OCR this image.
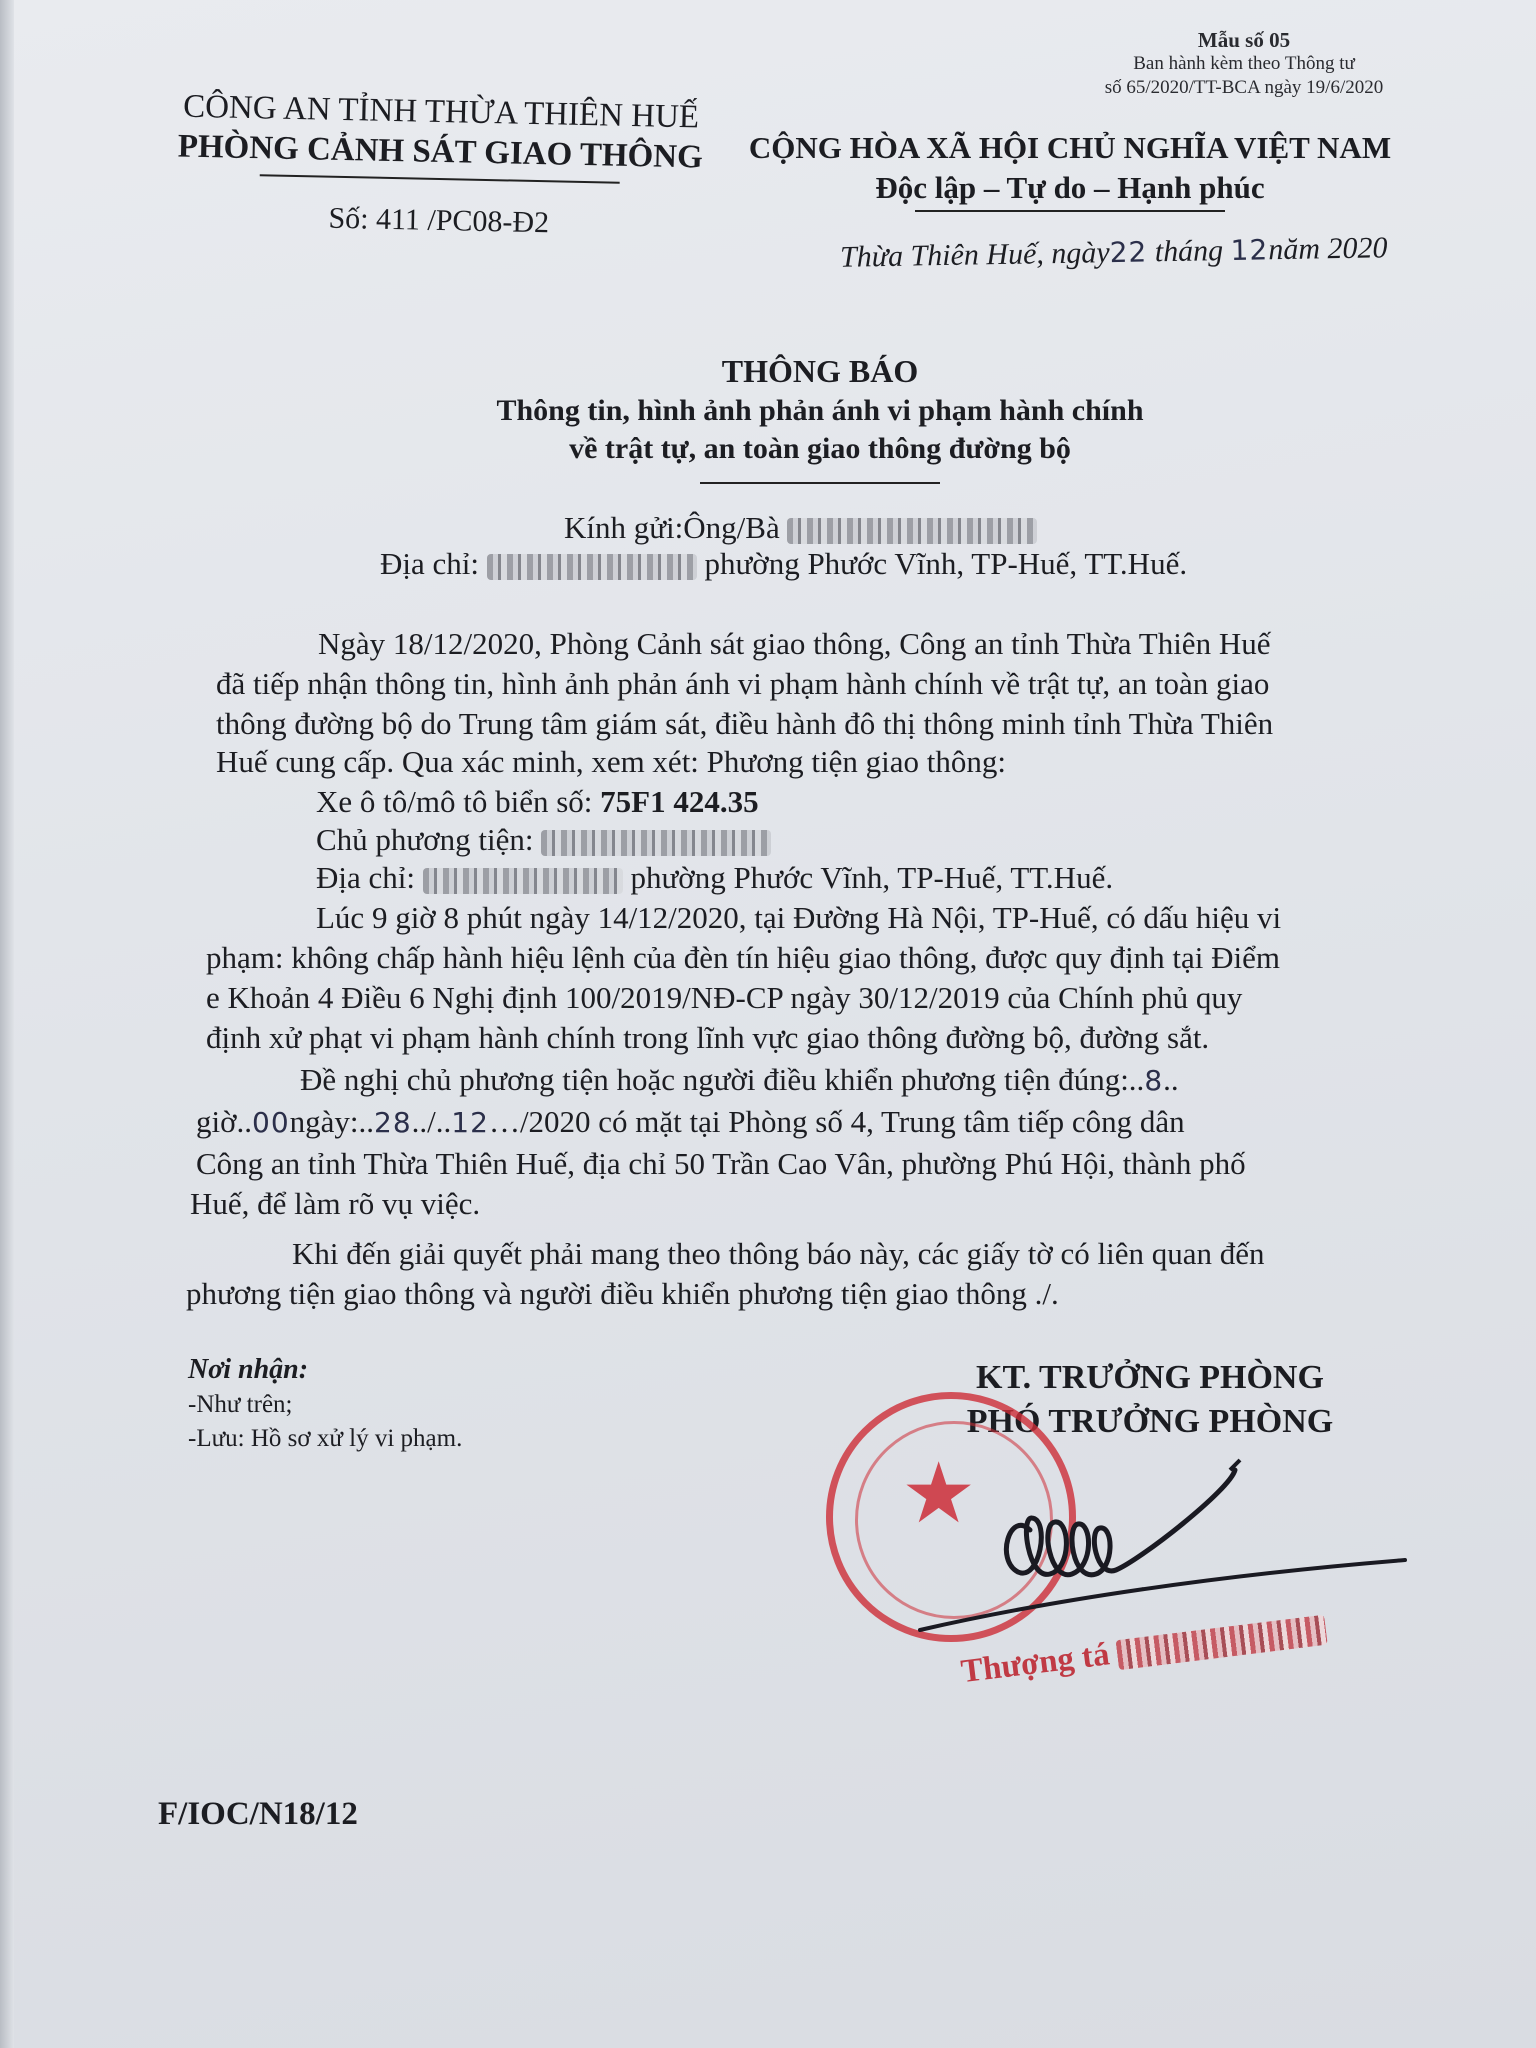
Mẫu số 05
Ban hành kèm theo Thông tư
số 65/2020/TT-BCA ngày 19/6/2020
CÔNG AN TỈNH THỪA THIÊN HUẾ
PHÒNG CẢNH SÁT GIAO THÔNG
Số: 411 /PC08-Đ2
CỘNG HÒA XÃ HỘI CHỦ NGHĨA VIỆT NAM
Độc lập – Tự do – Hạnh phúc
Thừa Thiên Huế, ngày22 tháng 12năm 2020
THÔNG BÁO
Thông tin, hình ảnh phản ánh vi phạm hành chính
về trật tự, an toàn giao thông đường bộ
Kính gửi:Ông/Bà
Địa chỉ:	phường Phước Vĩnh, TP-Huế, TT.Huế.
Ngày 18/12/2020, Phòng Cảnh sát giao thông, Công an tỉnh Thừa Thiên Huế
đã tiếp nhận thông tin, hình ảnh phản ánh vi phạm hành chính về trật tự, an toàn giao
thông đường bộ do Trung tâm giám sát, điều hành đô thị thông minh tỉnh Thừa Thiên
Huế cung cấp. Qua xác minh, xem xét: Phương tiện giao thông:
Xe ô tô/mô tô biển số: 75F1 424.35
Chủ phương tiện:
Địa chỉ:	phường Phước Vĩnh, TP-Huế, TT.Huế.
Lúc 9 giờ 8 phút ngày 14/12/2020, tại Đường Hà Nội, TP-Huế, có dấu hiệu vi
phạm: không chấp hành hiệu lệnh của đèn tín hiệu giao thông, được quy định tại Điểm
e Khoản 4 Điều 6 Nghị định 100/2019/NĐ-CP ngày 30/12/2019 của Chính phủ quy
định xử phạt vi phạm hành chính trong lĩnh vực giao thông đường bộ, đường sắt.
Đề nghị chủ phương tiện hoặc người điều khiển phương tiện đúng:..8..
giờ..00ngày:..28../..12…/2020 có mặt tại Phòng số 4, Trung tâm tiếp công dân
Công an tỉnh Thừa Thiên Huế, địa chỉ 50 Trần Cao Vân, phường Phú Hội, thành phố
Huế, để làm rõ vụ việc.
Khi đến giải quyết phải mang theo thông báo này, các giấy tờ có liên quan đến
phương tiện giao thông và người điều khiển phương tiện giao thông ./.
Nơi nhận:
-Như trên;
-Lưu: Hồ sơ xử lý vi phạm.
KT. TRƯỞNG PHÒNG
PHÓ TRƯỞNG PHÒNG
★
Thượng tá
F/IOC/N18/12
